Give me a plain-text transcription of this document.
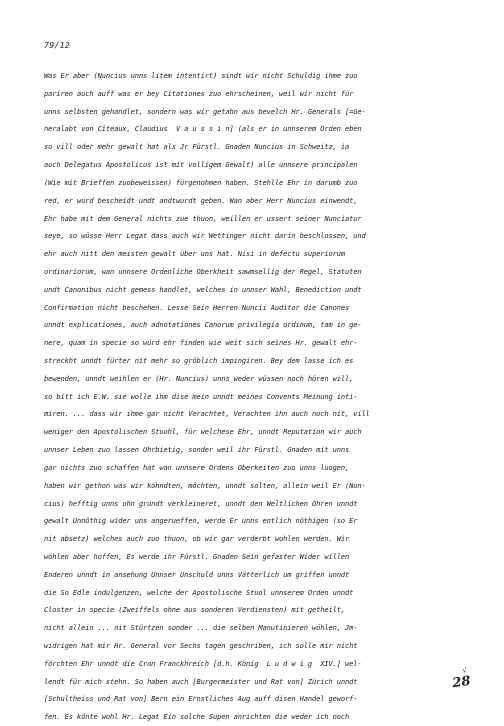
79/12
Was Er aber (Nuncius unns litem intentirt) sindt wir nicht Schuldig ihme zuo
pariren auch auff was er bey Citationes zuo ehrscheinen, weil wir nicht für
unns selbsten gehandlet, sondern was wir getahn aus bevelch Hr. Generals [=Ge-
neralabt von Cîteaux, Claudius  V a u s s i n] (als er in unnserem Orden eben
so vill oder mehr gewalt hat als Jr Fürstl. Gnaden Nuncius in Schweitz, ia
auch Delegatus Apostolicus ist mit volligem Gewalt) alle unnsere principalen
(Wie mit Brieffen zuobeweissen) fürgenohmen haben. Stehlle Ehr in darumb zuo
red, er wurd bescheidt undt andtwurdt geben. Wan aber Herr Nuncius einwendt,
Ehr habe mit dem General nichts zue thuon, weillen er ussert seiner Nunciatur
seye, so wüsse Herr Legat dass auch wir Wettinger nicht darin beschlossen, und
ehr auch nitt den meisten gewalt über uns hat. Nisi in defectu superiorum
ordinariorum, wan unnsere Ordenliche Oberkheit sawmsellig der Regel, Statuten
undt Canonibus nicht gemess handlet, welches in unnser Wahl, Benediction undt
Confirmation nicht beschehen. Lesse Sein Herren Nuncii Auditor die Canones
unndt explicationes, auch adnotationes Canorum privilegia ordinum, tam in ge-
nere, quam in specie so würd ehr finden wie weit sich seines Hr. gewalt ehr-
streckht unndt fürter nit mehr so gröblich impingiren. Bey dem lasse ich es
bewenden, unndt weihlen er (Hr. Nuncius) unns weder wüssen noch hören will,
so bitt ich E.W. sie wolle ihm dise mein unndt meines Convents Meinung inti-
miren. ... dass wir ihme gar nicht Verachtet, Verachten ihn auch noch nit, vill
weniger den Apostolischen Stuohl, für welchese Ehr, unndt Reputation wir auch
unnser Leben zuo lassen Uhrbietig, sonder weil ihr Fürstl. Gnaden mit unns
gar nichts zuo schaffen hat wan unnsere Ordens Oberkeiten zuo unns luogen,
haben wir gethon was wir köhndten, möchten, unndt solten, allein weil Er (Nun-
cius) hefftig unns ohn grundt verkleineret, unndt den Weltlichen Ohren unndt
gewalt Unnöthig wider uns angerueffen, werde Er unns entlich nöthigen (so Er
nit absetz) welches auch zuo thuon, ob wir gar verderbt wohlen werden. Wir
wöhlen aber hoffen, Es werde ihr Fürstl. Gnaden Sein gefaster Wider willen
Enderen unndt in ansehung Unnser Unschuld unns Vätterlich um griffen unndt
die So Edle indulgenzen, welche der Apostolische Stuol unnserem Orden unndt
Closter in specie (Zweiffels ohne aus sonderen Verdiensten) mit getheilt,
nicht allein ... nit Stürtzen sonder ... die selben Manutinieren wöhlen, Jm-
widrigen hat mir Hr. General vor Sechs tagen geschriben, ich solle mir nicht
förchten Ehr unndt die Cron Franckhreich [d.h. König  L u d w i g  XIV.] wel-
lendt für mich stehn. So haben auch [Burgermeister und Rat von] Zürich unndt
[Schultheiss und Rat von] Bern ein Ernstliches Aug auff disen Handel geworf-
fen. Es könte wohl Hr. Legat Ein solche Supen anrichten die weder ich noch
√
28
